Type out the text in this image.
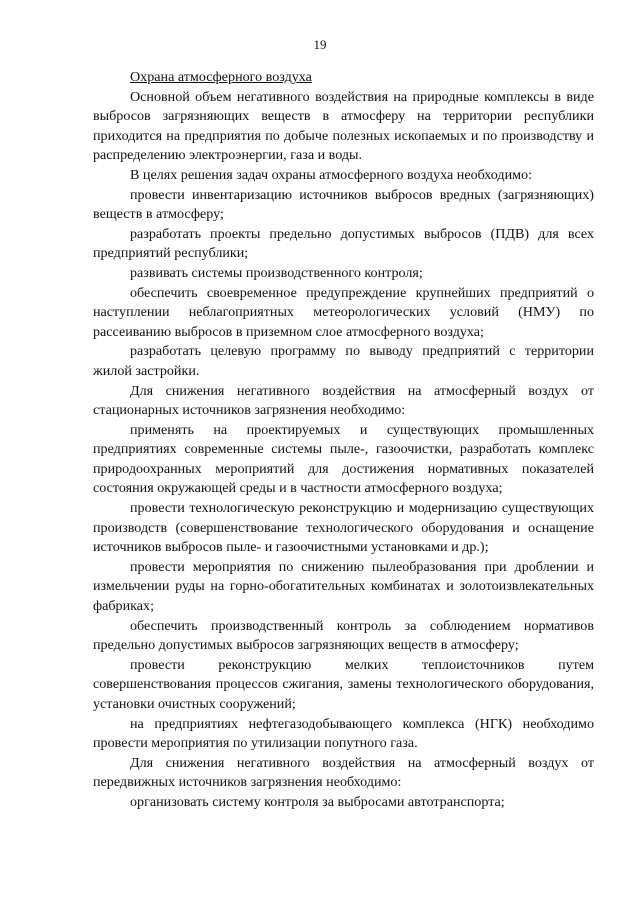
19

Охрана атмосферного воздуха

Основной объем негативного воздействия на природные комплексы в виде выбросов загрязняющих веществ в атмосферу на территории республики приходится на предприятия по добыче полезных ископаемых и по производству и распределению электроэнергии, газа и воды.

В целях решения задач охраны атмосферного воздуха необходимо:

провести инвентаризацию источников выбросов вредных (загрязняющих) веществ в атмосферу;

разработать проекты предельно допустимых выбросов (ПДВ) для всех предприятий республики;

развивать системы производственного контроля;

обеспечить своевременное предупреждение крупнейших предприятий о наступлении неблагоприятных метеорологических условий (НМУ) по рассеиванию выбросов в приземном слое атмосферного воздуха;

разработать целевую программу по выводу предприятий с территории жилой застройки.

Для снижения негативного воздействия на атмосферный воздух от стационарных источников загрязнения необходимо:

применять на проектируемых и существующих промышленных предприятиях современные системы пыле-, газоочистки, разработать комплекс природоохранных мероприятий для достижения нормативных показателей состояния окружающей среды и в частности атмосферного воздуха;

провести технологическую реконструкцию и модернизацию существующих производств (совершенствование технологического оборудования и оснащение источников выбросов пыле- и газоочистными установками и др.);

провести мероприятия по снижению пылеобразования при дроблении и измельчении руды на горно-обогатительных комбинатах и золотоизвлекательных фабриках;

обеспечить производственный контроль за соблюдением нормативов предельно допустимых выбросов загрязняющих веществ в атмосферу;

провести реконструкцию мелких теплоисточников путем совершенствования процессов сжигания, замены технологического оборудования, установки очистных сооружений;

на предприятиях нефтегазодобывающего комплекса (НГК) необходимо провести мероприятия по утилизации попутного газа.

Для снижения негативного воздействия на атмосферный воздух от передвижных источников загрязнения необходимо:

организовать систему контроля за выбросами автотранспорта;
